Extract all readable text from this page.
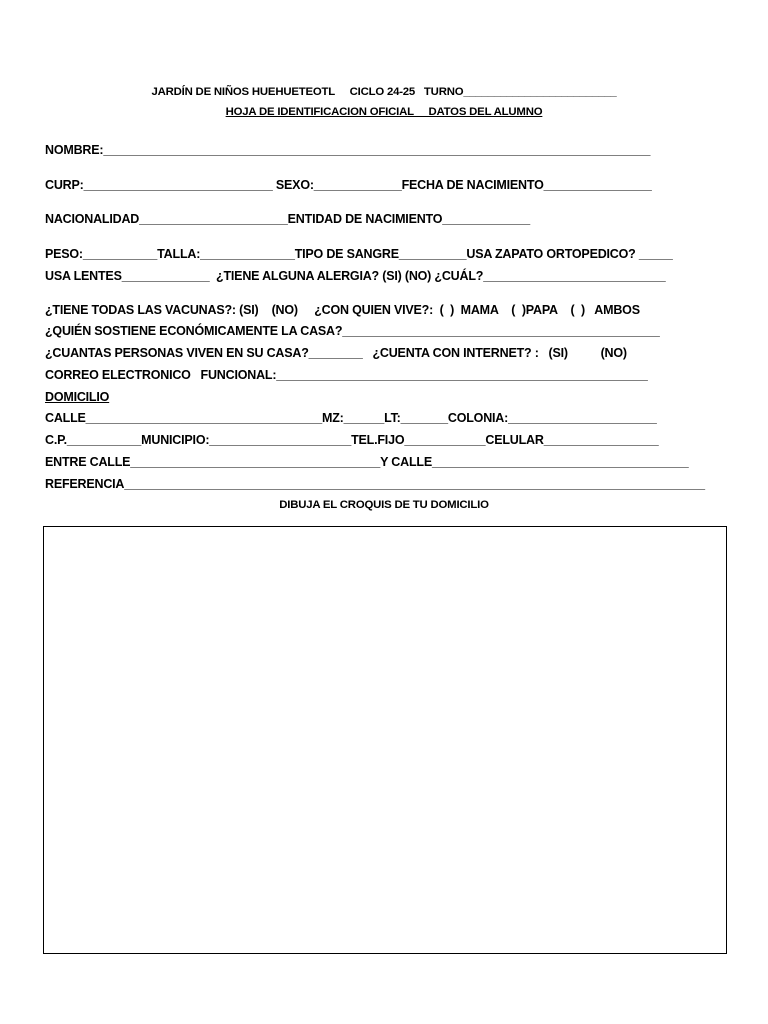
JARDÍN DE NIÑOS HUEHUETEOTL     CICLO 24-25   TURNO_________________________
HOJA DE IDENTIFICACION OFICIAL     DATOS DEL ALUMNO
NOMBRE:_________________________________________________________________________________
CURP:____________________________ SEXO:_____________FECHA DE NACIMIENTO________________
NACIONALIDAD______________________ENTIDAD DE NACIMIENTO_____________
PESO:___________TALLA:______________TIPO DE SANGRE__________USA ZAPATO ORTOPEDICO? _____
USA LENTES_____________  ¿TIENE ALGUNA ALERGIA? (SI) (NO) ¿CUÁL?___________________________
¿TIENE TODAS LAS VACUNAS?: (SI)    (NO)     ¿CON QUIEN VIVE?:  (  )  MAMA    (  )PAPA    (  )   AMBOS
¿QUIÉN SOSTIENE ECONÓMICAMENTE LA CASA?_______________________________________________
¿CUANTAS PERSONAS VIVEN EN SU CASA?________   ¿CUENTA CON INTERNET? :   (SI)          (NO)
CORREO ELECTRONICO   FUNCIONAL:_______________________________________________________
DOMICILIO
CALLE___________________________________MZ:______LT:_______COLONIA:______________________
C.P.___________MUNICIPIO:_____________________TEL.FIJO____________CELULAR_________________
ENTRE CALLE_____________________________________Y CALLE______________________________________
REFERENCIA______________________________________________________________________________________
DIBUJA EL CROQUIS DE TU DOMICILIO
